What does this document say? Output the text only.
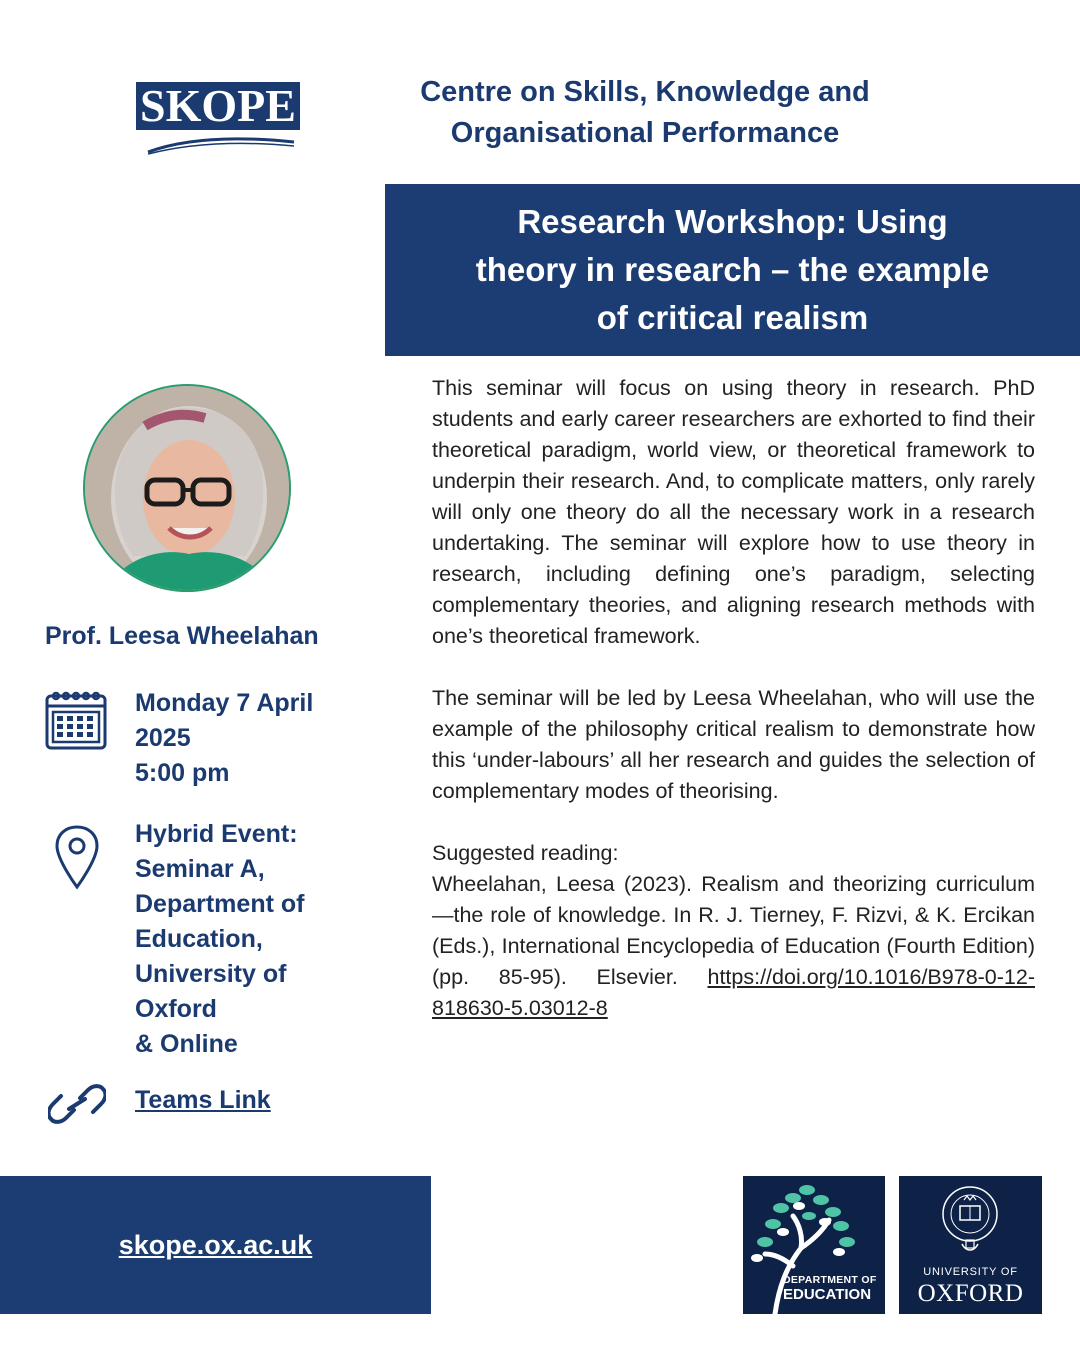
SKOPE	Centre on Skills, Knowledge and
Organisational Performance
Research Workshop: Using
theory in research – the example
of critical realism
Prof. Leesa Wheelahan
Monday 7 April
2025
5:00 pm
Hybrid Event:
Seminar A,
Department of
Education,
University of
Oxford
& Online
Teams Link

This seminar will focus on using theory in research. PhD students and early career researchers are exhorted to find their theoretical paradigm, world view, or theoretical framework to underpin their research. And, to complicate matters, only rarely will only one theory do all the necessary work in a research undertaking. The seminar will explore how to use theory in research, including defining one’s paradigm, selecting complementary theories, and aligning research methods with one’s theoretical framework.

The seminar will be led by Leesa Wheelahan, who will use the example of the philosophy critical realism to demonstrate how this ‘under-labours’ all her research and guides the selection of complementary modes of theorising.

Suggested reading:
Wheelahan, Leesa (2023). Realism and theorizing curriculum—the role of knowledge. In R. J. Tierney, F. Rizvi, & K. Ercikan (Eds.), International Encyclopedia of Education (Fourth Edition) (pp. 85-95). Elsevier. https://doi.org/10.1016/B978-0-12-818630-5.03012-8
skope.ox.ac.uk
DEPARTMENT OF
EDUCATION
UNIVERSITY OF
OXFORD
